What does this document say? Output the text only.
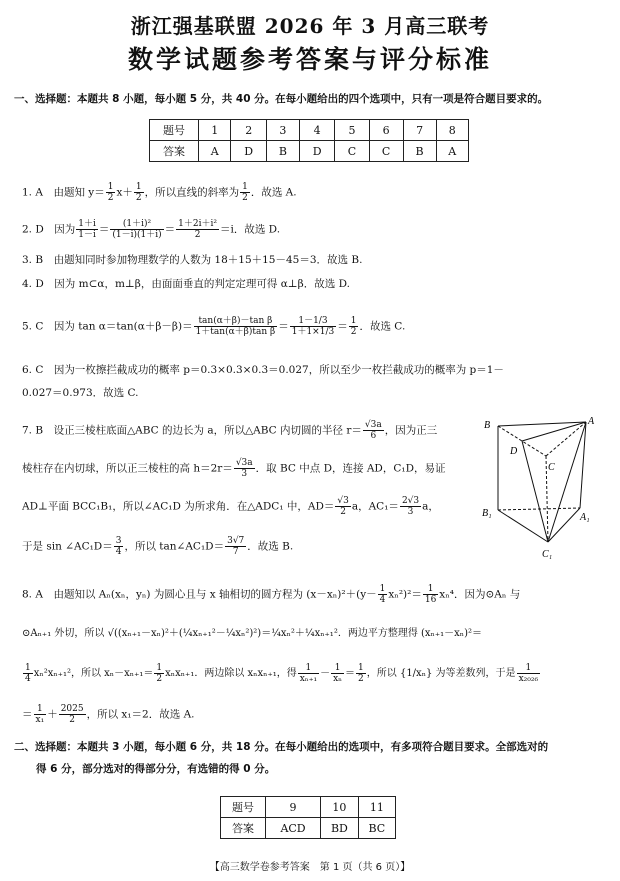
浙江强基联盟 2026 年 3 月高三联考
数学试题参考答案与评分标准
一、选择题：本题共 8 小题，每小题 5 分，共 40 分。在每小题给出的四个选项中，只有一项是符合题目要求的。
题号	1	2	3	4	5	6	7	8
答案	A	D	B	D	C	C	B	A
1. A　由题知 $y= \frac{1}{2} x+ \frac{1}{2}$ ，所以直线的斜率为 $\frac{1}{2}$ ．故选 A.
2. D　因为 $\frac{1+i}{1-i} = \frac{\text{(1＋i)²}}{(1-i)(1+i)} = \frac{\text{1＋2i＋i²}}{2} =i$．故选 D.
3. B　由题知同时参加物理数学的人数为 18＋15＋15－45＝3．故选 B.
4. D　因为 m⊂α，m⊥β，由面面垂直的判定定理可得 α⊥β．故选 D.
5. C　因为 $\tan \alpha=\tan(\alpha+\beta-\beta)= \frac{\text{tan(α＋β)－tan β}}{\text{1＋tan(α＋β)tan β}} = \frac{1-1/3}{1+1\times 1/3} = \frac{1}{2}$ ．故选 C.
6. C　因为一枚擦拦截成功的概率 p＝0.3×0.3×0.3＝0.027，所以至少一枚拦截成功的概率为 p＝1－
0.027＝0.973．故选 C.
7. B　设正三棱柱底面△ABC 的边长为 a，所以△ABC 内切圆的半径 $r= \frac{√3a}{6}$ ，因为正三
棱柱存在内切球，所以正三棱柱的高 $h=2r= \frac{√3a}{3}$ ．取 BC 中点 D，连接 AD，C₁D，易证
AD⊥平面 BCC₁B₁，所以∠AC₁D 为所求角．在△ADC₁ 中，$AD= \frac{√3}{2}$ a，$AC_1= \frac{2√3}{3}$ a，
于是 sin ∠AC₁D＝ $\frac{3}{4}$ ，所以 tan∠AC₁D＝ $\frac{3√7}{7}$ ．故选 B.
B	A
D
C
B₁	A₁
C₁
8. A　由题知以 Aₙ(xₙ，yₙ) 为圆心且与 x 轴相切的圆方程为 $(x-x_n)^2+(y- \frac{1}{4} x_n^2)^2= \frac{1}{16} x_n^4$．因为⊙Aₙ 与
⊙Aₙ₊₁ 外切，所以 √((xₙ₊₁－xₙ)²＋(¼xₙ₊₁²－¼xₙ²)²)＝¼xₙ²＋¼xₙ₊₁²．两边平方整理得 (xₙ₊₁－xₙ)²＝
$\frac{1}{4} x_n^2x_{n+1}^2$，所以 $x_n-x_{n+1}= \frac{1}{2} x_nx_{n+1}$．两边除以 xₙxₙ₊₁，得 $\frac{1}{\text{xₙ₊₁}} - \frac{1}{\text{xₙ}} = \frac{1}{2}$ ，所以 {1/xₙ} 为等差数列，于是 $\frac{1}{\text{x₂₀₂₆}}$
＝ $\frac{1}{\text{x₁}} + \frac{2025}{2}$ ，所以 x₁＝2．故选 A.
二、选择题：本题共 3 小题，每小题 6 分，共 18 分。在每小题给出的选项中，有多项符合题目要求。全部选对的
得 6 分，部分选对的得部分分，有选错的得 0 分。
题号	9	10	11
答案	ACD	BD	BC
【高三数学卷参考答案　第 1 页（共 6 页）】
